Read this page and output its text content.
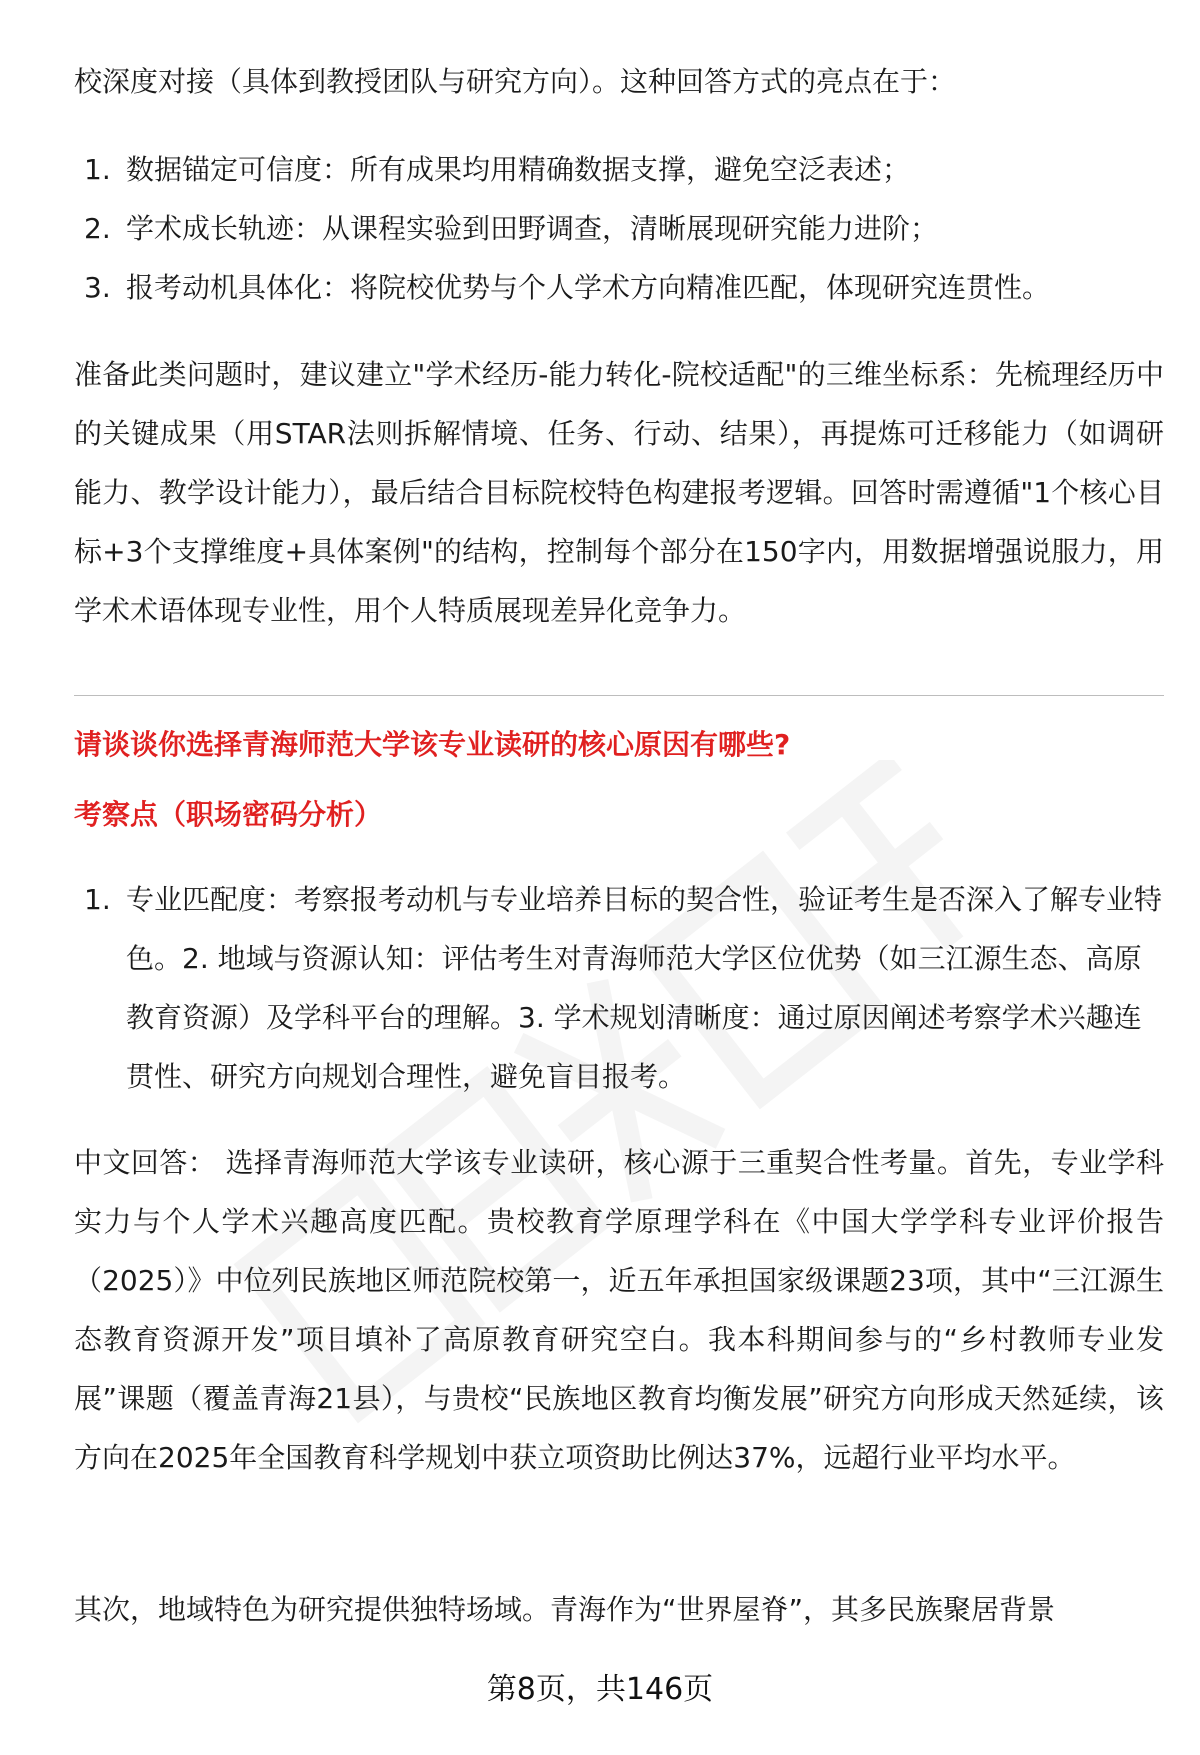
校深度对接（具体到教授团队与研究方向）。这种回答方式的亮点在于：

1. 数据锚定可信度：所有成果均用精确数据支撑，避免空泛表述；
2. 学术成长轨迹：从课程实验到田野调查，清晰展现研究能力进阶；
3. 报考动机具体化：将院校优势与个人学术方向精准匹配，体现研究连贯性。

准备此类问题时，建议建立"学术经历-能力转化-院校适配"的三维坐标系：先梳理经历中的关键成果（用STAR法则拆解情境、任务、行动、结果），再提炼可迁移能力（如调研能力、教学设计能力），最后结合目标院校特色构建报考逻辑。回答时需遵循"1个核心目标+3个支撑维度+具体案例"的结构，控制每个部分在150字内，用数据增强说服力，用学术术语体现专业性，用个人特质展现差异化竞争力。

请谈谈你选择青海师范大学该专业读研的核心原因有哪些?

考察点（职场密码分析）

1. 专业匹配度：考察报考动机与专业培养目标的契合性，验证考生是否深入了解专业特色。2. 地域与资源认知：评估考生对青海师范大学区位优势（如三江源生态、高原教育资源）及学科平台的理解。3. 学术规划清晰度：通过原因阐述考察学术兴趣连贯性、研究方向规划合理性，避免盲目报考。

中文回答： 选择青海师范大学该专业读研，核心源于三重契合性考量。首先，专业学科实力与个人学术兴趣高度匹配。贵校教育学原理学科在《中国大学学科专业评价报告（2025）》中位列民族地区师范院校第一，近五年承担国家级课题23项，其中“三江源生态教育资源开发”项目填补了高原教育研究空白。我本科期间参与的“乡村教师专业发展”课题（覆盖青海21县），与贵校“民族地区教育均衡发展”研究方向形成天然延续，该方向在2025年全国教育科学规划中获立项资助比例达37%，远超行业平均水平。

其次，地域特色为研究提供独特场域。青海作为“世界屋脊”，其多民族聚居背景

第8页，共146页
